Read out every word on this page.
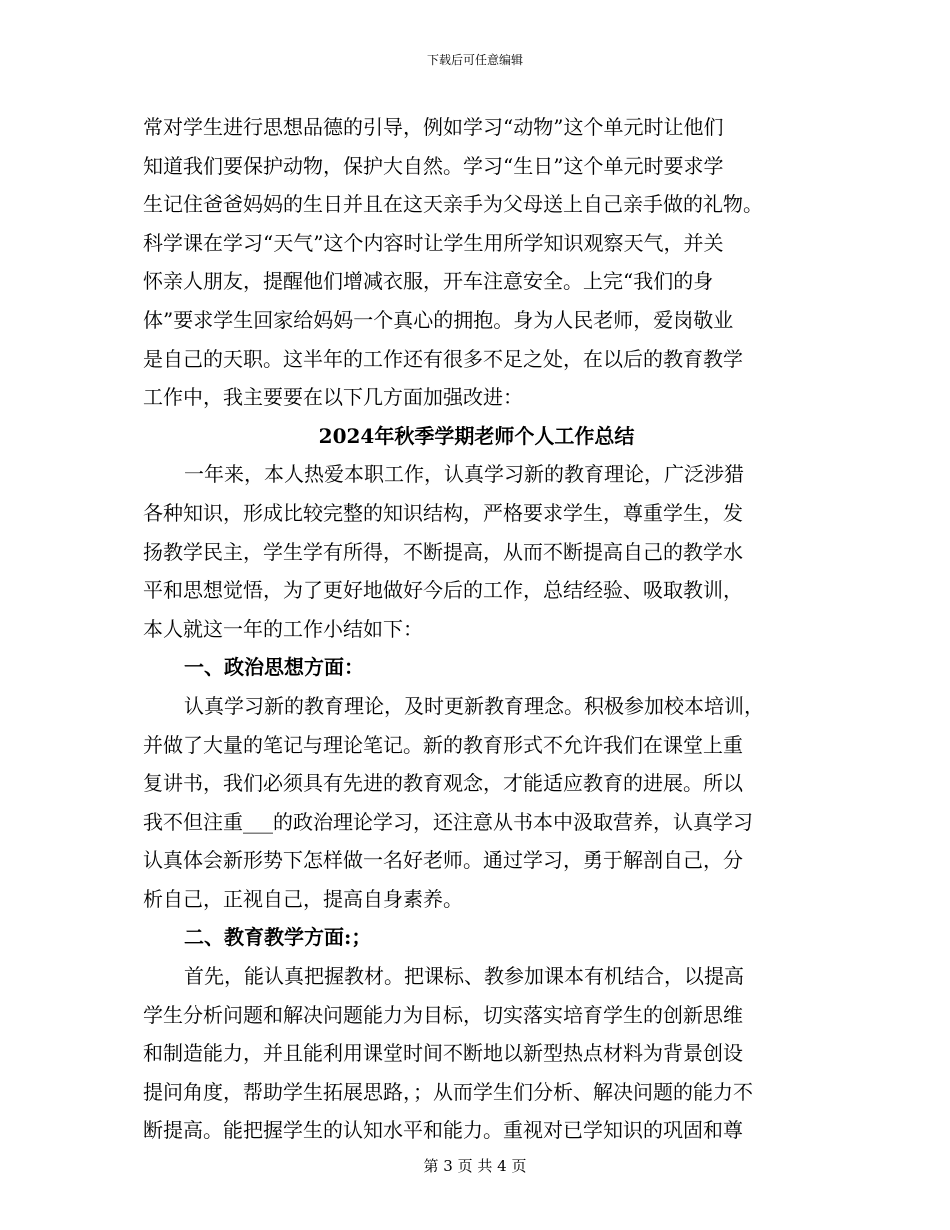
下载后可任意编辑
常对学生进行思想品德的引导，例如学习“动物”这个单元时让他们
知道我们要保护动物，保护大自然。学习“生日”这个单元时要求学
生记住爸爸妈妈的生日并且在这天亲手为父母送上自己亲手做的礼物。
科学课在学习“天气”这个内容时让学生用所学知识观察天气，并关
怀亲人朋友，提醒他们增减衣服，开车注意安全。上完“我们的身
体”要求学生回家给妈妈一个真心的拥抱。身为人民老师，爱岗敬业
是自己的天职。这半年的工作还有很多不足之处，在以后的教育教学
工作中，我主要要在以下几方面加强改进：
2024年秋季学期老师个人工作总结
一年来，本人热爱本职工作，认真学习新的教育理论，广泛涉猎
各种知识，形成比较完整的知识结构，严格要求学生，尊重学生，发
扬教学民主，学生学有所得，不断提高，从而不断提高自己的教学水
平和思想觉悟，为了更好地做好今后的工作，总结经验、吸取教训，
本人就这一年的工作小结如下：
一、政治思想方面：
认真学习新的教育理论，及时更新教育理念。积极参加校本培训，
并做了大量的笔记与理论笔记。新的教育形式不允许我们在课堂上重
复讲书，我们必须具有先进的教育观念，才能适应教育的进展。所以
我不但注重___的政治理论学习，还注意从书本中汲取营养，认真学习
认真体会新形势下怎样做一名好老师。通过学习，勇于解剖自己，分
析自己，正视自己，提高自身素养。
二、教育教学方面:；
首先，能认真把握教材。把课标、教参加课本有机结合，以提高
学生分析问题和解决问题能力为目标，切实落实培育学生的创新思维
和制造能力，并且能利用课堂时间不断地以新型热点材料为背景创设
提问角度，帮助学生拓展思路，；从而学生们分析、解决问题的能力不
断提高。能把握学生的认知水平和能力。重视对已学知识的巩固和尊
第 3 页 共 4 页
